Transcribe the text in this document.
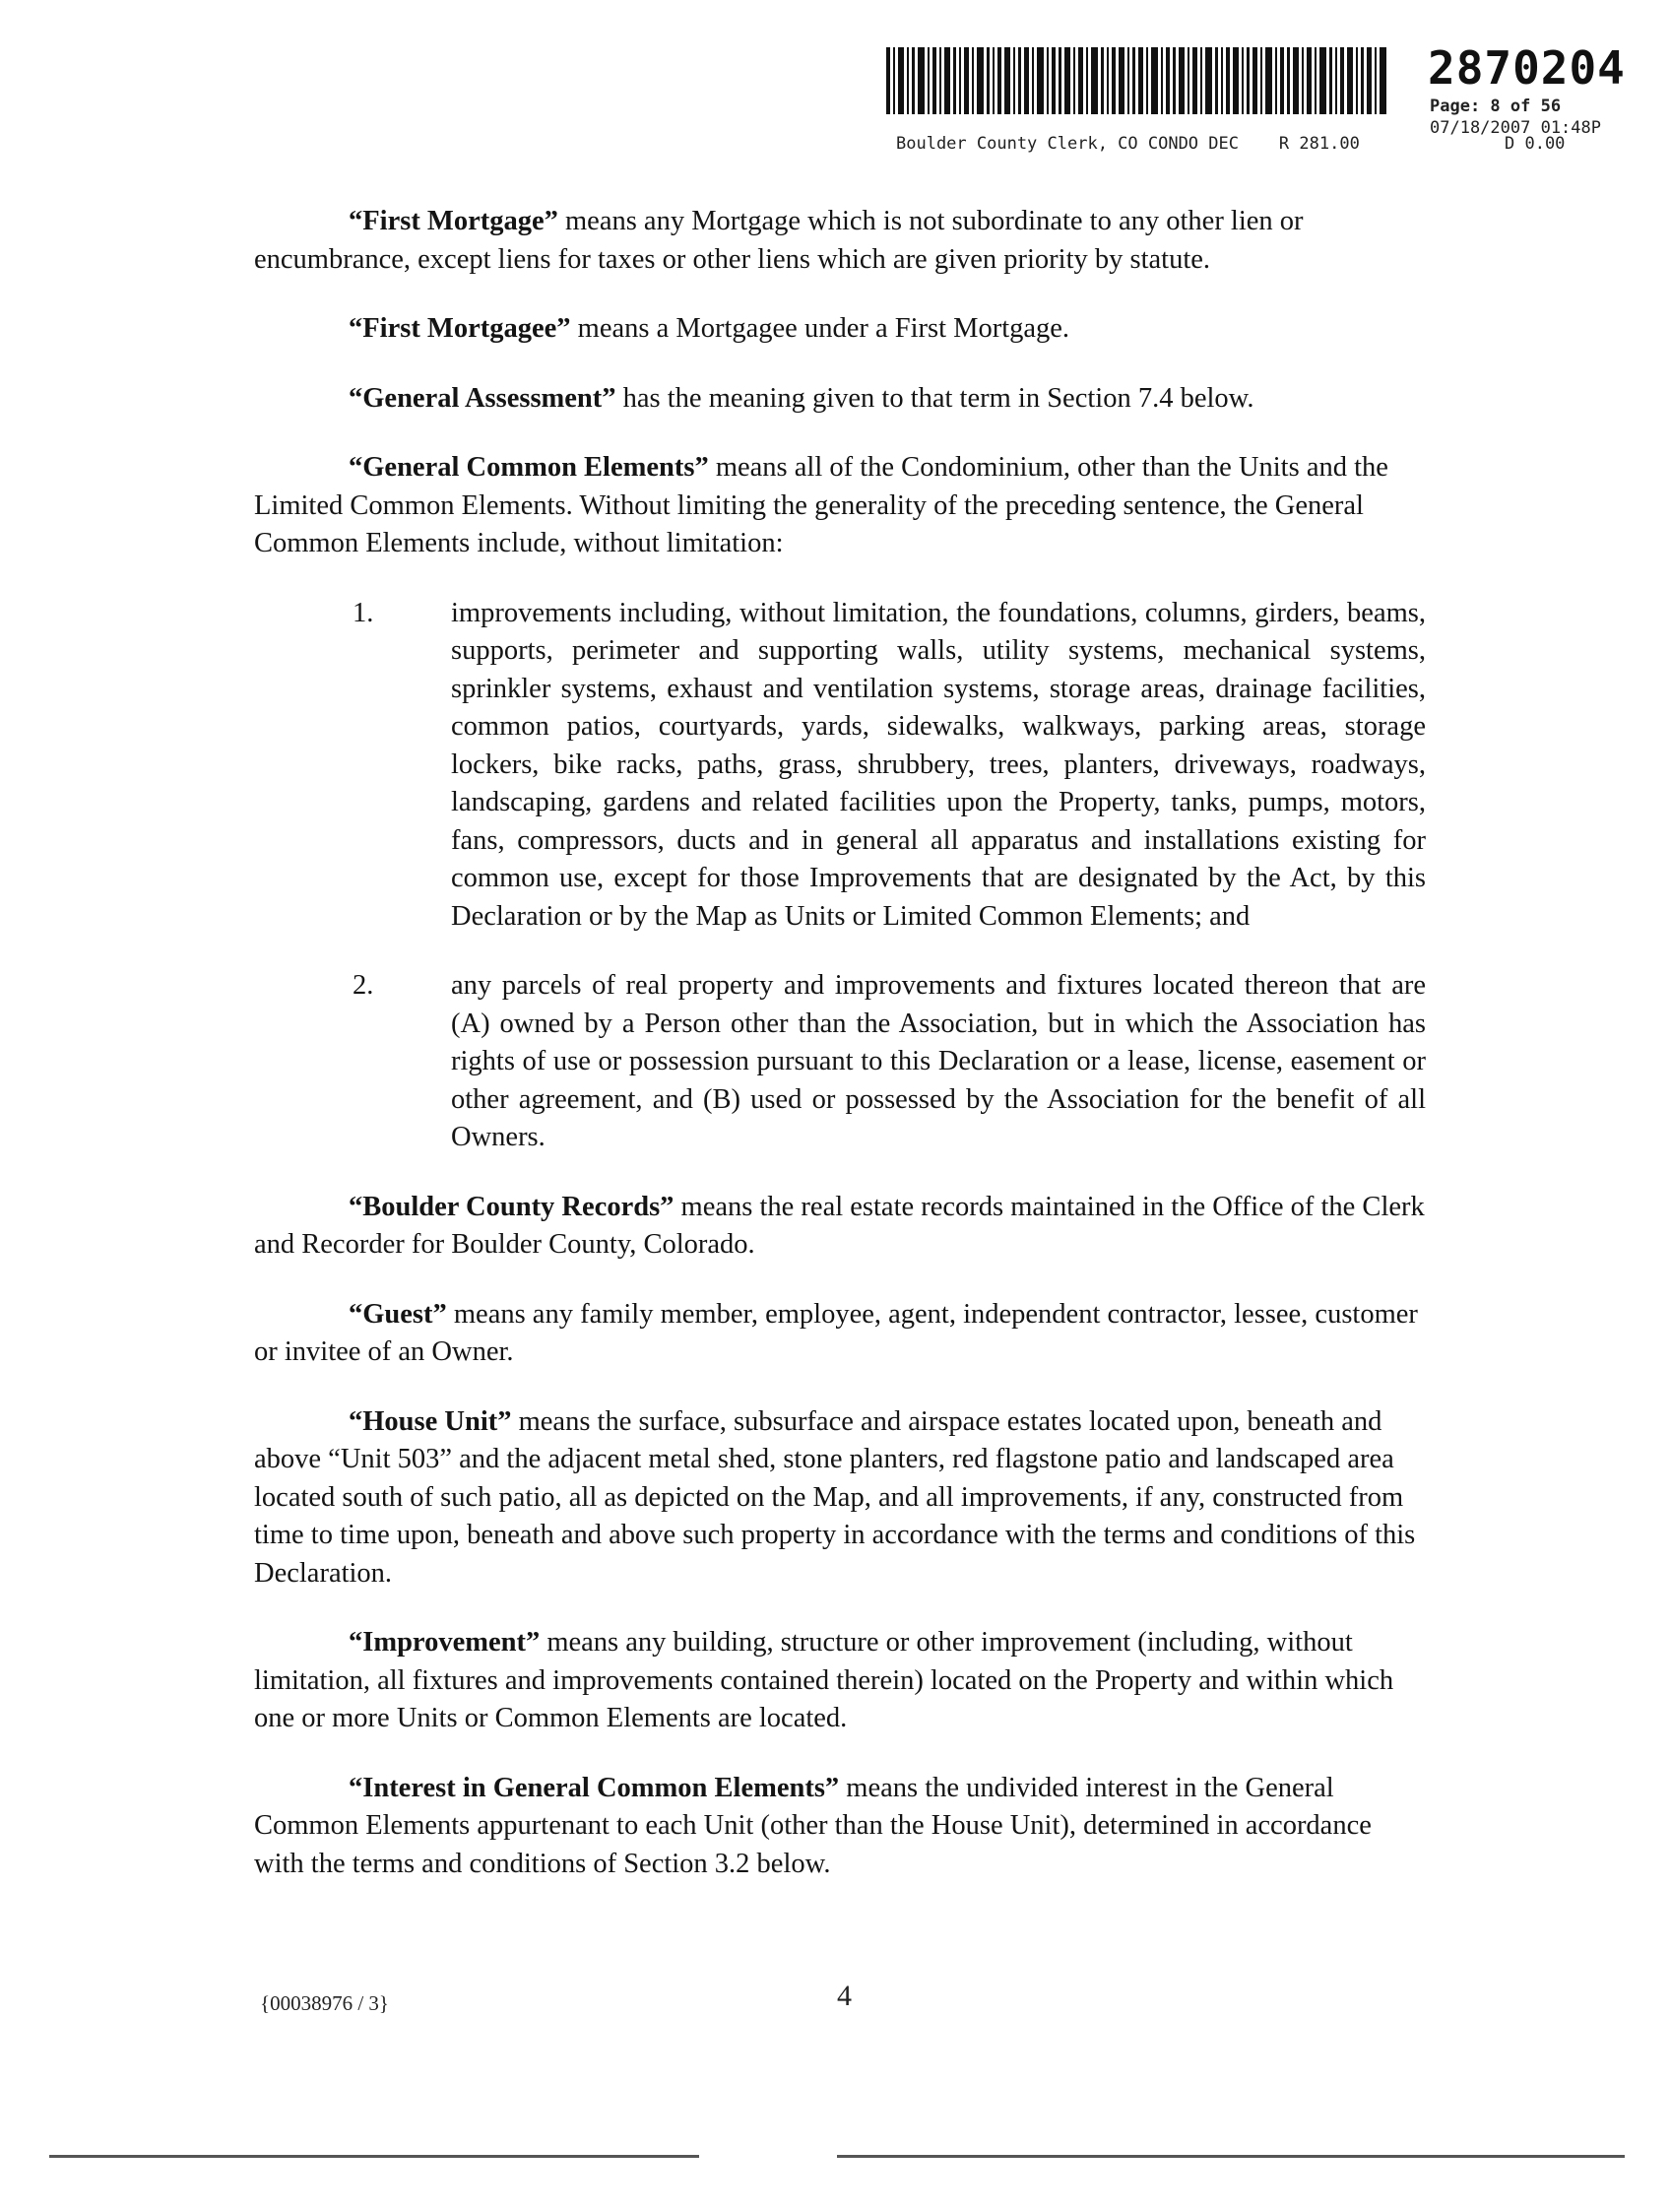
2870204
Page: 8 of 56
07/18/2007 01:48P
Boulder County Clerk, CO CONDO DEC    R 281.00	D 0.00

“First Mortgage” means any Mortgage which is not subordinate to any other lien or encumbrance, except liens for taxes or other liens which are given priority by statute.

“First Mortgagee” means a Mortgagee under a First Mortgage.

“General Assessment” has the meaning given to that term in Section 7.4 below.

“General Common Elements” means all of the Condominium, other than the Units and the Limited Common Elements. Without limiting the generality of the preceding sentence, the General Common Elements include, without limitation:

1.	improvements including, without limitation, the foundations, columns, girders, beams, supports, perimeter and supporting walls, utility systems, mechanical systems, sprinkler systems, exhaust and ventilation systems, storage areas, drainage facilities, common patios, courtyards, yards, sidewalks, walkways, parking areas, storage lockers, bike racks, paths, grass, shrubbery, trees, planters, driveways, roadways, landscaping, gardens and related facilities upon the Property, tanks, pumps, motors, fans, compressors, ducts and in general all apparatus and installations existing for common use, except for those Improvements that are designated by the Act, by this Declaration or by the Map as Units or Limited Common Elements; and
2.	any parcels of real property and improvements and fixtures located thereon that are (A) owned by a Person other than the Association, but in which the Association has rights of use or possession pursuant to this Declaration or a lease, license, easement or other agreement, and (B) used or possessed by the Association for the benefit of all Owners.

“Boulder County Records” means the real estate records maintained in the Office of the Clerk and Recorder for Boulder County, Colorado.

“Guest” means any family member, employee, agent, independent contractor, lessee, customer or invitee of an Owner.

“House Unit” means the surface, subsurface and airspace estates located upon, beneath and above “Unit 503” and the adjacent metal shed, stone planters, red flagstone patio and landscaped area located south of such patio, all as depicted on the Map, and all improvements, if any, constructed from time to time upon, beneath and above such property in accordance with the terms and conditions of this Declaration.

“Improvement” means any building, structure or other improvement (including, without limitation, all fixtures and improvements contained therein) located on the Property and within which one or more Units or Common Elements are located.

“Interest in General Common Elements” means the undivided interest in the General Common Elements appurtenant to each Unit (other than the House Unit), determined in accordance with the terms and conditions of Section 3.2 below.

{00038976 / 3}	4
